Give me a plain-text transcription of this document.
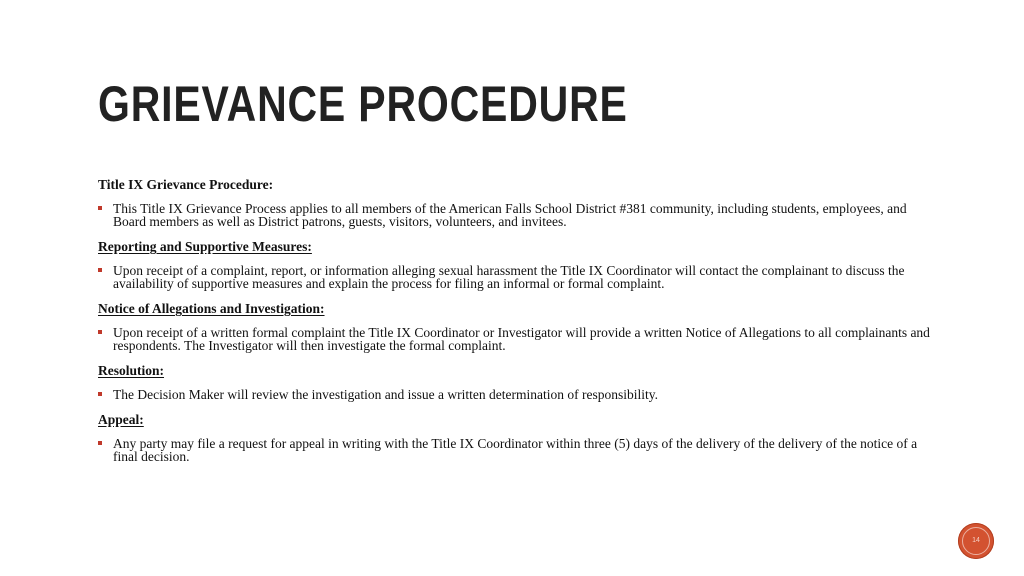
GRIEVANCE PROCEDURE
Title IX Grievance Procedure:
This Title IX Grievance Process applies to all members of the American Falls School District #381 community, including students, employees, and Board members as well as District patrons, guests, visitors, volunteers, and invitees.
Reporting and Supportive Measures:
Upon receipt of a complaint, report, or information alleging sexual harassment the Title IX Coordinator will contact the complainant to discuss the availability of supportive measures and explain the process for filing an informal or formal complaint.
Notice of Allegations and Investigation:
Upon receipt of a written formal complaint the Title IX Coordinator or Investigator will provide a written Notice of Allegations to all complainants and respondents. The Investigator will then investigate the formal complaint.
Resolution:
The Decision Maker will review the investigation and issue a written determination of responsibility.
Appeal:
Any party may file a request for appeal in writing with the Title IX Coordinator within three (5) days of the delivery of the delivery of the notice of a final decision.
14
